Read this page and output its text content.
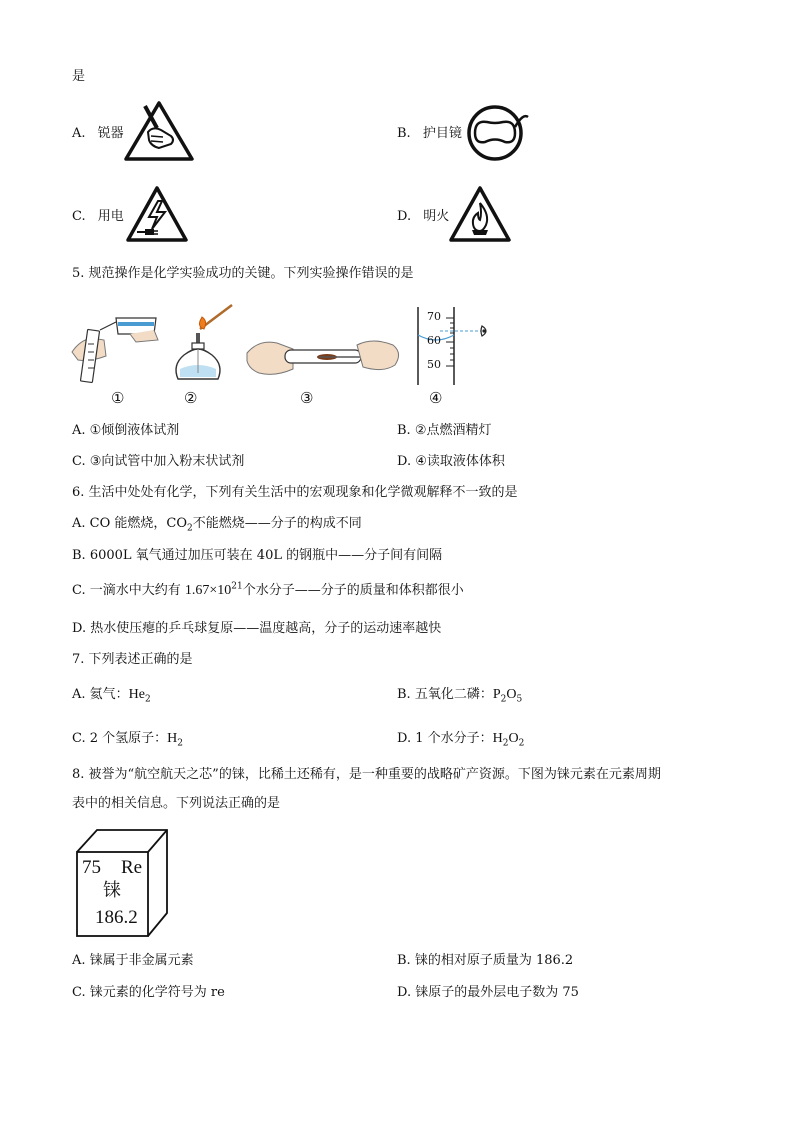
是
A. 锐器	B. 护目镜
C. 用电	D. 明火
5. 规范操作是化学实验成功的关键。下列实验操作错误的是
①	②	③
70
60
50
④
A. ①倾倒液体试剂	B. ②点燃酒精灯
C. ③向试管中加入粉末状试剂	D. ④读取液体体积
6. 生活中处处有化学，下列有关生活中的宏观现象和化学微观解释不一致的是
A. CO 能燃烧，$CO_2$不能燃烧——分子的构成不同
B. 6000L 氧气通过加压可装在 40L 的钢瓶中——分子间有间隔
C. 一滴水中大约有 $1.67\times 10^{21}$个水分子——分子的质量和体积都很小
D. 热水使压瘪的乒乓球复原——温度越高，分子的运动速率越快
7. 下列表述正确的是
A. 氦气：$He_2$	B. 五氧化二磷：$P_2O_5$
C. 2 个氢原子：$H_2$	D. 1 个水分子：$H_2O_2$
8. 被誉为“航空航天之芯”的铼，比稀土还稀有，是一种重要的战略矿产资源。下图为铼元素在元素周期
表中的相关信息。下列说法正确的是
75 Re
铼
186.2
A. 铼属于非金属元素	B. 铼的相对原子质量为 186.2
C. 铼元素的化学符号为 re	D. 铼原子的最外层电子数为 75
